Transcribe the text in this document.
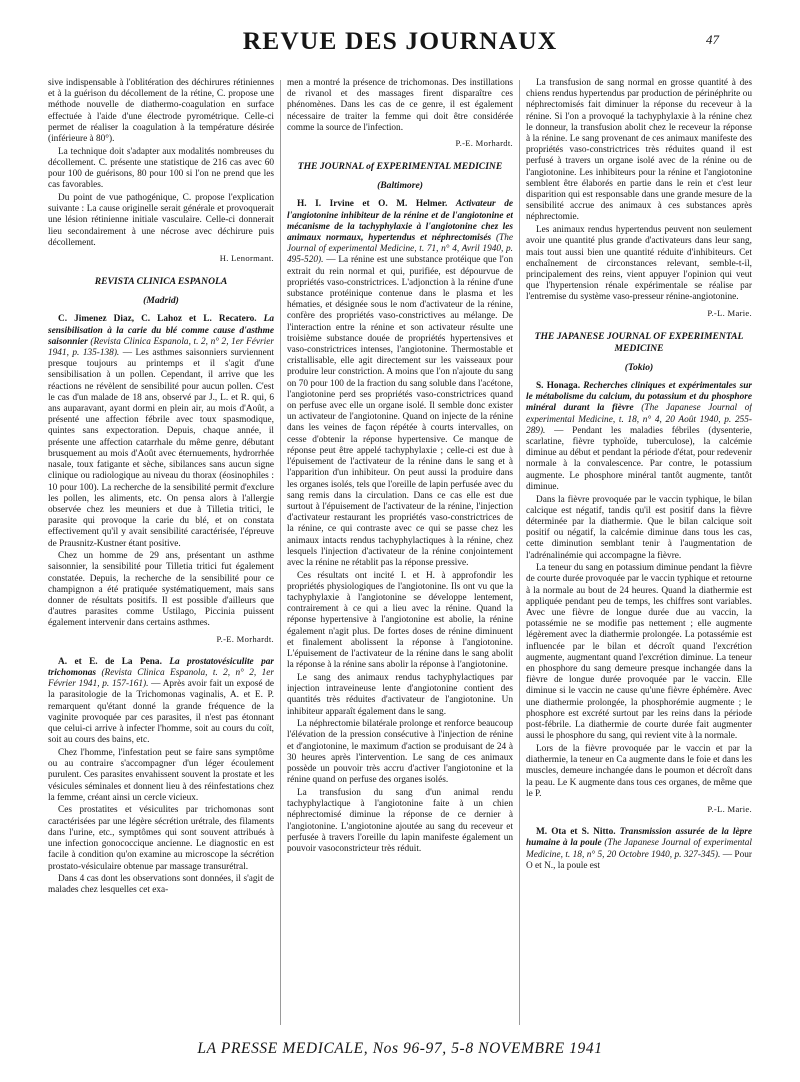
REVUE DES JOURNAUX	47

sive indispensable à l'oblitération des déchirures rétiniennes et à la guérison du décollement de la rétine, C. propose une méthode nouvelle de diathermo-coagulation en surface effectuée à l'aide d'une électrode pyrométrique. Celle-ci permet de réaliser la coagulation à la température désirée (inférieure à 80°).

La technique doit s'adapter aux modalités nombreuses du décollement. C. présente une statistique de 216 cas avec 60 pour 100 de guérisons, 80 pour 100 si l'on ne prend que les cas favorables.

Du point de vue pathogénique, C. propose l'explication suivante : La cause originelle serait générale et provoquerait une lésion rétinienne initiale vasculaire. Celle-ci donnerait lieu secondairement à une nécrose avec déchirure puis décollement.

H. Lenormant.

REVISTA CLINICA ESPANOLA
(Madrid)

C. Jimenez Diaz, C. Lahoz et L. Recatero. La sensibilisation à la carie du blé comme cause d'asthme saisonnier (Revista Clinica Espanola, t. 2, n° 2, 1er Février 1941, p. 135-138). — Les asthmes saisonniers surviennent presque toujours au printemps et il s'agit d'une sensibilisation à un pollen. Cependant, il arrive que les réactions ne révèlent de sensibilité pour aucun pollen. C'est le cas d'un malade de 18 ans, observé par J., L. et R. qui, 6 ans auparavant, ayant dormi en plein air, au mois d'Août, a présenté une affection fébrile avec toux spasmodique, quintes sans expectoration. Depuis, chaque année, il présente une affection catarrhale du même genre, débutant brusquement au mois d'Août avec éternuements, hydrorrhée nasale, toux fatigante et sèche, sibilances sans aucun signe clinique ou radiologique au niveau du thorax (éosinophiles : 10 pour 100). La recherche de la sensibilité permit d'exclure les pollen, les aliments, etc. On pensa alors à l'allergie observée chez les meuniers et due à Tilletia tritici, le parasite qui provoque la carie du blé, et on constata effectivement qu'il y avait sensibilité caractérisée, l'épreuve de Prausnitz-Kustner étant positive.

Chez un homme de 29 ans, présentant un asthme saisonnier, la sensibilité pour Tilletia tritici fut également constatée. Depuis, la recherche de la sensibilité pour ce champignon a été pratiquée systématiquement, mais sans donner de résultats positifs. Il est possible d'ailleurs que d'autres parasites comme Ustilago, Piccinia puissent également intervenir dans certains asthmes.

P.-E. Morhardt.

A. et E. de La Pena. La prostatovésiculite par trichomonas (Revista Clinica Espanola, t. 2, n° 2, 1er Février 1941, p. 157-161). — Après avoir fait un exposé de la parasitologie de la Trichomonas vaginalis, A. et E. P. remarquent qu'étant donné la grande fréquence de la vaginite provoquée par ces parasites, il n'est pas étonnant que celui-ci arrive à infecter l'homme, soit au cours du coït, soit au cours des bains, etc.

Chez l'homme, l'infestation peut se faire sans symptôme ou au contraire s'accompagner d'un léger écoulement purulent. Ces parasites envahissent souvent la prostate et les vésicules séminales et donnent lieu à des réinfestations chez la femme, créant ainsi un cercle vicieux.

Ces prostatites et vésiculites par trichomonas sont caractérisées par une légère sécrétion urétrale, des filaments dans l'urine, etc., symptômes qui sont souvent attribués à une infection gonococcique ancienne. Le diagnostic en est facile à condition qu'on examine au microscope la sécrétion prostato-vésiculaire obtenue par massage transurétral.

Dans 4 cas dont les observations sont données, il s'agit de malades chez lesquelles cet exa-

men a montré la présence de trichomonas. Des instillations de rivanol et des massages firent disparaître ces phénomènes. Dans les cas de ce genre, il est également nécessaire de traiter la femme qui doit être considérée comme la source de l'infection.

P.-E. Morhardt.

THE JOURNAL of EXPERIMENTAL MEDICINE
(Baltimore)

H. I. Irvine et O. M. Helmer. Activateur de l'angiotonine inhibiteur de la rénine et de l'angiotonine et mécanisme de la tachyphylaxie à l'angiotonine chez les animaux normaux, hypertendus et néphrectomisés (The Journal of experimental Medicine, t. 71, n° 4, Avril 1940, p. 495-520). — La rénine est une substance protéique que l'on extrait du rein normal et qui, purifiée, est dépourvue de propriétés vaso-constrictrices. L'adjonction à la rénine d'une substance protéinique contenue dans le plasma et les hématies, et désignée sous le nom d'activateur de la rénine, confère des propriétés vaso-constrictives au mélange. De l'interaction entre la rénine et son activateur résulte une troisième substance douée de propriétés hypertensives et vaso-constrictrices intenses, l'angiotonine. Thermostable et cristallisable, elle agit directement sur les vaisseaux pour produire leur constriction. A moins que l'on n'ajoute du sang on 70 pour 100 de la fraction du sang soluble dans l'acétone, l'angiotonine perd ses propriétés vaso-constrictrices quand on perfuse avec elle un organe isolé. Il semble donc exister un activateur de l'angiotonine. Quand on injecte de la rénine dans les veines de façon répétée à courts intervalles, on cesse d'obtenir la réponse hypertensive. Ce manque de réponse peut être appelé tachyphylaxie ; celle-ci est due à l'épuisement de l'activateur de la rénine dans le sang et à l'apparition d'un inhibiteur. On peut aussi la produire dans les organes isolés, tels que l'oreille de lapin perfusée avec du sang remis dans la circulation. Dans ce cas elle est due surtout à l'épuisement de l'activateur de la rénine, l'injection d'activateur restaurant les propriétés vaso-constrictrices de la rénine, ce qui contraste avec ce qui se passe chez les animaux intacts rendus tachyphylactiques à la rénine, chez lesquels l'injection d'activateur de la rénine conjointement avec la rénine ne rétablit pas la réponse pressive.

Ces résultats ont incité I. et H. à approfondir les propriétés physiologiques de l'angiotonine. Ils ont vu que la tachyphylaxie à l'angiotonine se développe lentement, contrairement à ce qui a lieu avec la rénine. Quand la réponse hypertensive à l'angiotonine est abolie, la rénine également n'agit plus. De fortes doses de rénine diminuent et finalement abolissent la réponse à l'angiotonine. L'épuisement de l'activateur de la rénine dans le sang abolit la réponse à la rénine sans abolir la réponse à l'angiotonine.

Le sang des animaux rendus tachyphylactiques par injection intraveineuse lente d'angiotonine contient des quantités très réduites d'activateur de l'angiotonine. Un inhibiteur apparaît également dans le sang.

La néphrectomie bilatérale prolonge et renforce beaucoup l'élévation de la pression consécutive à l'injection de rénine et d'angiotonine, le maximum d'action se produisant de 24 à 30 heures après l'intervention. Le sang de ces animaux possède un pouvoir très accru d'activer l'angiotonine et la rénine quand on perfuse des organes isolés.

La transfusion du sang d'un animal rendu tachyphylactique à l'angiotonine faite à un chien néphrectomisé diminue la réponse de ce dernier à l'angiotonine. L'angiotonine ajoutée au sang du receveur et perfusée à travers l'oreille du lapin manifeste également un pouvoir vasoconstricteur très réduit.

La transfusion de sang normal en grosse quantité à des chiens rendus hypertendus par production de périnéphrite ou néphrectomisés fait diminuer la réponse du receveur à la rénine. Si l'on a provoqué la tachyphylaxie à la rénine chez le donneur, la transfusion abolit chez le receveur la réponse à la rénine. Le sang provenant de ces animaux manifeste des propriétés vaso-constrictrices très réduites quand il est perfusé à travers un organe isolé avec de la rénine ou de l'angiotonine. Les inhibiteurs pour la rénine et l'angiotonine semblent être élaborés en partie dans le rein et c'est leur disparition qui est responsable dans une grande mesure de la sensibilité accrue des animaux à ces substances après néphrectomie.

Les animaux rendus hypertendus peuvent non seulement avoir une quantité plus grande d'activateurs dans leur sang, mais tout aussi bien une quantité réduite d'inhibiteurs. Cet enchaînement de circonstances relevant, semble-t-il, principalement des reins, vient appuyer l'opinion qui veut que l'hypertension rénale expérimentale se réalise par l'entremise du système vaso-presseur rénine-angiotonine.

P.-L. Marie.

THE JAPANESE JOURNAL OF EXPERIMENTAL MEDICINE
(Tokio)

S. Honaga. Recherches cliniques et expérimentales sur le métabolisme du calcium, du potassium et du phosphore minéral durant la fièvre (The Japanese Journal of experimental Medicine, t. 18, n° 4, 20 Août 1940, p. 255-289). — Pendant les maladies fébriles (dysenterie, scarlatine, fièvre typhoïde, tuberculose), la calcémie diminue au début et pendant la période d'état, pour redevenir normale à la convalescence. Par contre, le potassium augmente. Le phosphore minéral tantôt augmente, tantôt diminue.

Dans la fièvre provoquée par le vaccin typhique, le bilan calcique est négatif, tandis qu'il est positif dans la fièvre déterminée par la diathermie. Que le bilan calcique soit positif ou négatif, la calcémie diminue dans tous les cas, cette diminution semblant tenir à l'augmentation de l'adrénalinémie qui accompagne la fièvre.

La teneur du sang en potassium diminue pendant la fièvre de courte durée provoquée par le vaccin typhique et retourne à la normale au bout de 24 heures. Quand la diathermie est appliquée pendant peu de temps, les chiffres sont variables. Avec une fièvre de longue durée due au vaccin, la potassémie ne se modifie pas nettement ; elle augmente légèrement avec la diathermie prolongée. La potassémie est influencée par le bilan et décroît quand l'excrétion augmente, augmentant quand l'excrétion diminue. La teneur en phosphore du sang demeure presque inchangée dans la fièvre de longue durée provoquée par le vaccin. Elle diminue si le vaccin ne cause qu'une fièvre éphémère. Avec une diathermie prolongée, la phosphorémie augmente ; le phosphore est excrété surtout par les reins dans la période post-fébrile. La diathermie de courte durée fait augmenter aussi le phosphore du sang, qui revient vite à la normale.

Lors de la fièvre provoquée par le vaccin et par la diathermie, la teneur en Ca augmente dans le foie et dans les muscles, demeure inchangée dans le poumon et décroît dans la peau. Le K augmente dans tous ces organes, de même que le P.

P.-L. Marie.

M. Ota et S. Nitto. Transmission assurée de la lèpre humaine à la poule (The Japanese Journal of experimental Medicine, t. 18, n° 5, 20 Octobre 1940, p. 327-345). — Pour O et N., la poule est

LA PRESSE MEDICALE, Nos 96-97, 5-8 NOVEMBRE 1941
